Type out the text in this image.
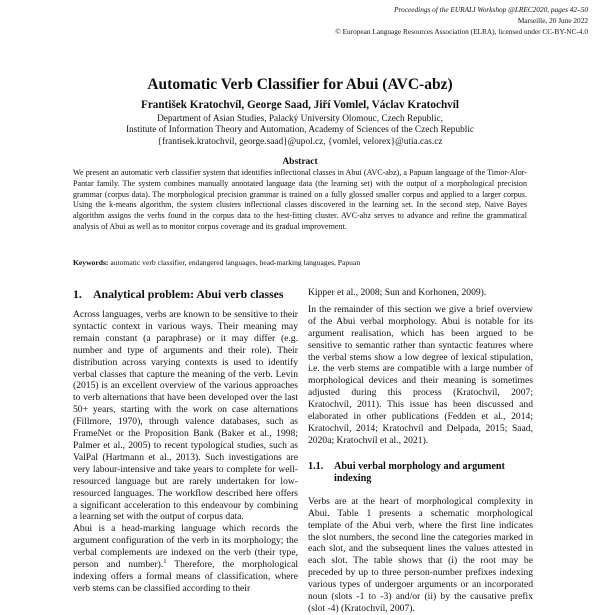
Proceedings of the EURALI Workshop @LREC2020, pages 42–50
Marseille, 20 June 2022
© European Language Resources Association (ELRA), licensed under CC-BY-NC-4.0
Automatic Verb Classifier for Abui (AVC-abz)
František Kratochvíl, George Saad, Jiří Vomlel, Václav Kratochvíl
Department of Asian Studies, Palacký University Olomouc, Czech Republic,
Institute of Information Theory and Automation, Academy of Sciences of the Czech Republic
{frantisek.kratochvil, george.saad}@upol.cz, {vomlel, velorex}@utia.cas.cz
Abstract
We present an automatic verb classifier system that identifies inflectional classes in Abui (AVC-abz), a Papuan language of the Timor-Alor-Pantar family. The system combines manually annotated language data (the learning set) with the output of a morphological precision grammar (corpus data). The morphological precision grammar is trained on a fully glossed smaller corpus and applied to a larger corpus. Using the k-means algorithm, the system clusters inflectional classes discovered in the learning set. In the second step, Naive Bayes algorithm assigns the verbs found in the corpus data to the best-fitting cluster. AVC-abz serves to advance and refine the grammatical analysis of Abui as well as to monitor corpus coverage and its gradual improvement.
Keywords: automatic verb classifier, endangered languages, head-marking languages, Papuan
1. Analytical problem: Abui verb classes

Across languages, verbs are known to be sensitive to their syntactic context in various ways. Their meaning may remain constant (a paraphrase) or it may differ (e.g. number and type of arguments and their role). Their distribution across varying contexts is used to identify verbal classes that capture the meaning of the verb. Levin (2015) is an excellent overview of the various approaches to verb alternations that have been developed over the last 50+ years, starting with the work on case alternations (Fillmore, 1970), through valence databases, such as FrameNet or the Proposition Bank (Baker et al., 1998; Palmer et al., 2005) to recent typological studies, such as ValPal (Hartmann et al., 2013). Such investigations are very labour-intensive and take years to complete for well-resourced language but are rarely undertaken for low-resourced languages. The workflow described here offers a significant acceleration to this endeavour by combining a learning set with the output of corpus data.

Abui is a head-marking language which records the argument configuration of the verb in its morphology; the verbal complements are indexed on the verb (their type, person and number).$^1$ Therefore, the morphological indexing offers a formal means of classification, where verb stems can be classified according to their

Kipper et al., 2008; Sun and Korhonen, 2009).

In the remainder of this section we give a brief overview of the Abui verbal morphology. Abui is notable for its argument realisation, which has been argued to be sensitive to semantic rather than syntactic features where the verbal stems show a low degree of lexical stipulation, i.e. the verb stems are compatible with a large number of morphological devices and their meaning is sometimes adjusted during this process (Kratochvíl, 2007; Kratochvíl, 2011). This issue has been discussed and elaborated in other publications (Fedden et al., 2014; Kratochvíl, 2014; Kratochvíl and Delpada, 2015; Saad, 2020a; Kratochvíl et al., 2021).

1.1.	Abui verbal morphology and argument indexing

Verbs are at the heart of morphological complexity in Abui. Table 1 presents a schematic morphological template of the Abui verb, where the first line indicates the slot numbers, the second line the categories marked in each slot, and the subsequent lines the values attested in each slot. The table shows that (i) the root may be preceded by up to three person-number prefixes indexing various types of undergoer arguments or an incorporated noun (slots -1 to -3) and/or (ii) by the causative prefix (slot -4) (Kratochvíl, 2007).
